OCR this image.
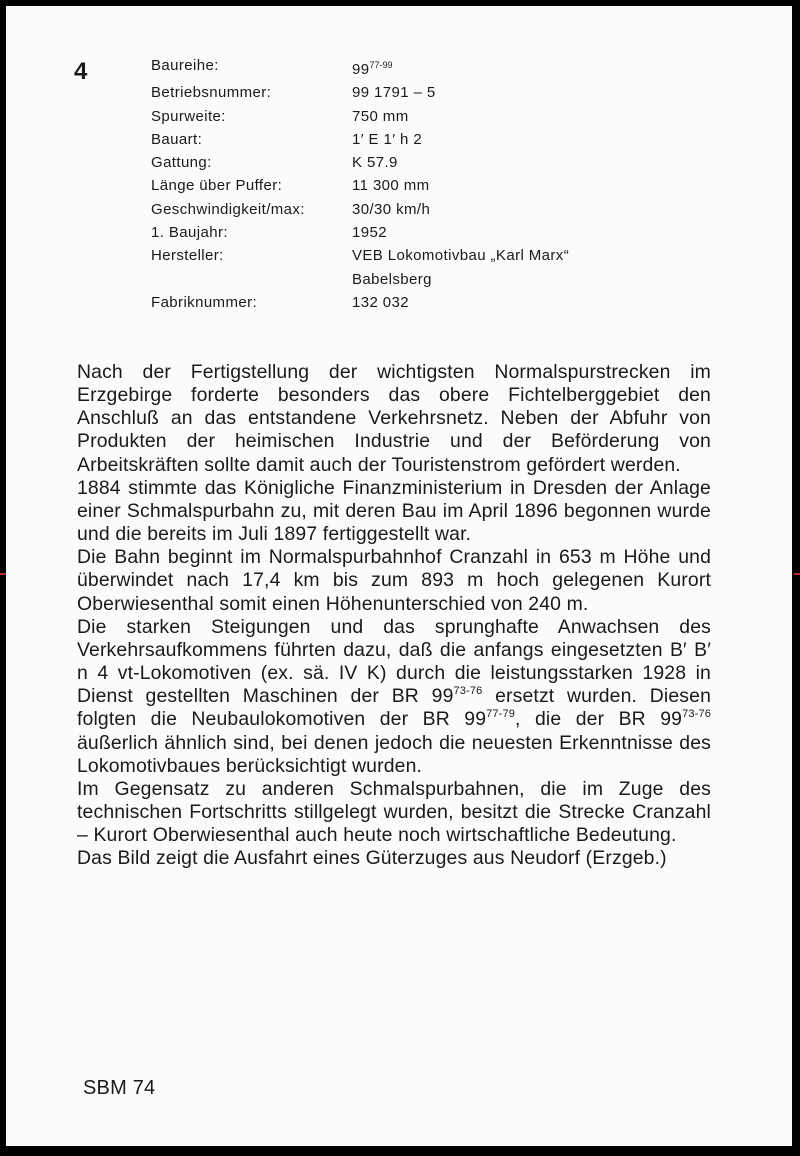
4	Baureihe:	99$^{77-99}$
Betriebsnummer:	99 1791 – 5
Spurweite:	750 mm
Bauart:	1′ E 1′ h 2
Gattung:	K 57.9
Länge über Puffer:	11 300 mm
Geschwindigkeit/max:	30/30 km/h
1. Baujahr:	1952
Hersteller:	VEB Lokomotivbau „Karl Marx“
Babelsberg
Fabriknummer:	132 032

Nach der Fertigstellung der wichtigsten Normalspurstrecken im Erzgebirge forderte besonders das obere Fichtelberggebiet den Anschluß an das entstandene Verkehrsnetz. Neben der Abfuhr von Produkten der heimischen Industrie und der Beförderung von Arbeitskräften sollte damit auch der Touristenstrom gefördert werden.

1884 stimmte das Königliche Finanzministerium in Dresden der Anlage einer Schmalspurbahn zu, mit deren Bau im April 1896 begonnen wurde und die bereits im Juli 1897 fertiggestellt war.

Die Bahn beginnt im Normalspurbahnhof Cranzahl in 653 m Höhe und überwindet nach 17,4 km bis zum 893 m hoch gelegenen Kurort Oberwiesenthal somit einen Höhenunterschied von 240 m.

Die starken Steigungen und das sprunghafte Anwachsen des Verkehrsaufkommens führten dazu, daß die anfangs eingesetzten B′ B′ n 4 vt-Lokomotiven (ex. sä. IV K) durch die leistungsstarken 1928 in Dienst gestellten Maschinen der BR 99$^{73-76}$ ersetzt wurden. Diesen folgten die Neubaulokomotiven der BR 99$^{77-79}$, die der BR 99$^{73-76}$ äußerlich ähnlich sind, bei denen jedoch die neuesten Erkenntnisse des Lokomotivbaues berücksichtigt wurden.

Im Gegensatz zu anderen Schmalspurbahnen, die im Zuge des technischen Fortschritts stillgelegt wurden, besitzt die Strecke Cranzahl – Kurort Oberwiesenthal auch heute noch wirtschaftliche Bedeutung.

Das Bild zeigt die Ausfahrt eines Güterzuges aus Neudorf (Erzgeb.)

SBM 74
